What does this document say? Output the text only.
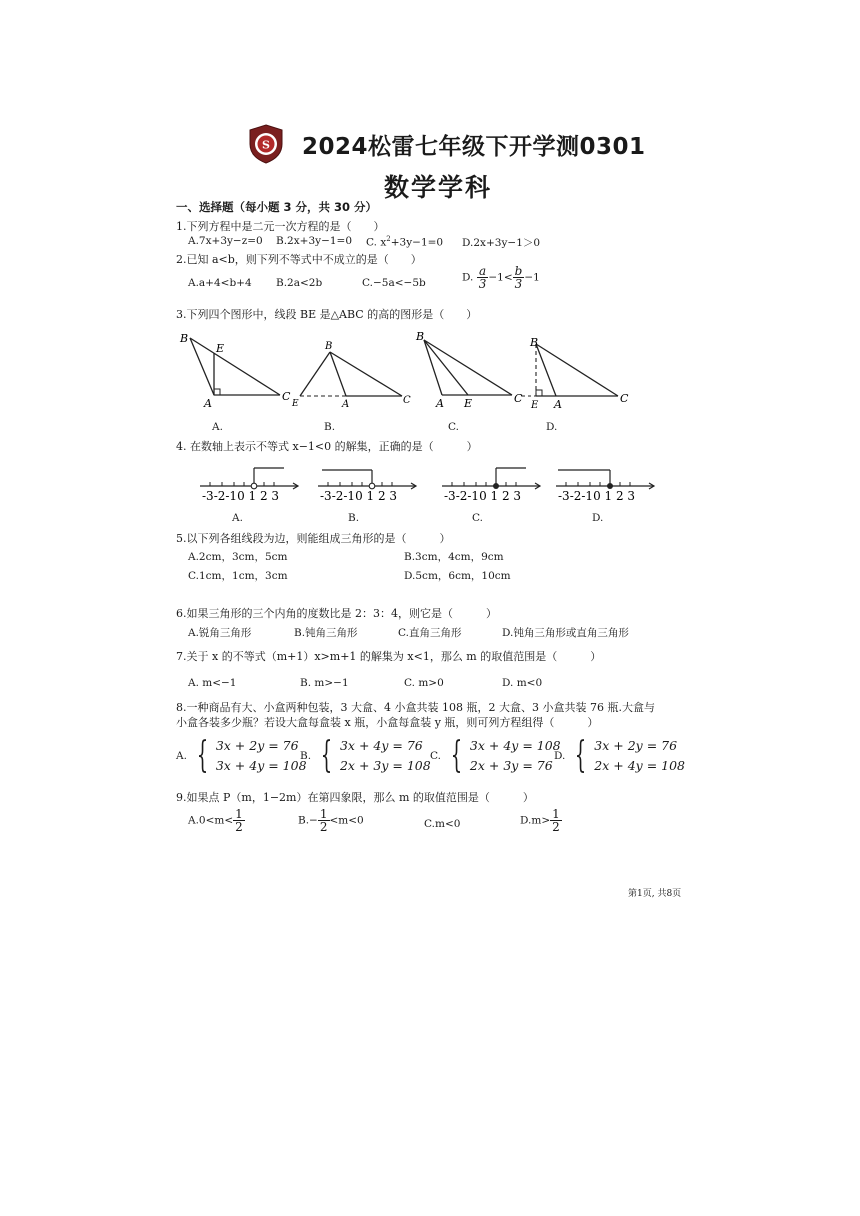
S 2024松雷七年级下开学测0301
数学学科
一、选择题（每小题 3 分，共 30 分）
1.下列方程中是二元一次方程的是（　　）
A.7x+3y−z=0 B.2x+3y−1=0 C. $x^2+3y-1=0$ D.2x+3y−1＞0
2.已知 a<b，则下列不等式中不成立的是（　　）
A.a+4<b+4 B.2a<2b	C.−5a<−5b	D. $\frac{a}{3} -1< \frac{b}{3} -1$
3.下列四个图形中，线段 BE 是△ABC 的高的图形是（　　）
B
E
A
C
B
E	A	C
B
A E	C
B
E A	C
A.	B.	C.	D.
4. 在数轴上表示不等式 x−1<0 的解集，正确的是（　　　）
-3-2-10 1 2 3	-3-2-10 1 2 3	-3-2-10 1 2 3	-3-2-10 1 2 3
A.	B.	C.	D.
5.以下列各组线段为边，则能组成三角形的是（　　　）
A.2cm，3cm，5cm	B.3cm，4cm，9cm
C.1cm，1cm，3cm	D.5cm，6cm，10cm
6.如果三角形的三个内角的度数比是 2：3：4，则它是（　　　）
A.锐角三角形	B.钝角三角形	C.直角三角形	D.钝角三角形或直角三角形
7.关于 x 的不等式（m+1）x>m+1 的解集为 x<1，那么 m 的取值范围是（　　　）
A. m<−1	B. m>−1	C. m>0	D. m<0
8.一种商品有大、小盒两种包装，3 大盒、4 小盒共装 108 瓶，2 大盒、3 小盒共装 76 瓶.大盒与
小盒各装多少瓶？若设大盒每盒装 x 瓶，小盒每盒装 y 瓶，则可列方程组得（　　　）
A. { 3x + 2y = 76
3x + 4y = 108
B. { 3x + 4y = 76
2x + 3y = 108
C. { 3x + 4y = 108
2x + 3y = 76
D. { 3x + 2y = 76
2x + 4y = 108
9.如果点 P（m，1−2m）在第四象限，那么 m 的取值范围是（　　　）
$A.0<m< \frac{1}{2}$	$B.- \frac{1}{2} <m<0$	C.m<0	$D.m> \frac{1}{2}$
第1页, 共8页
